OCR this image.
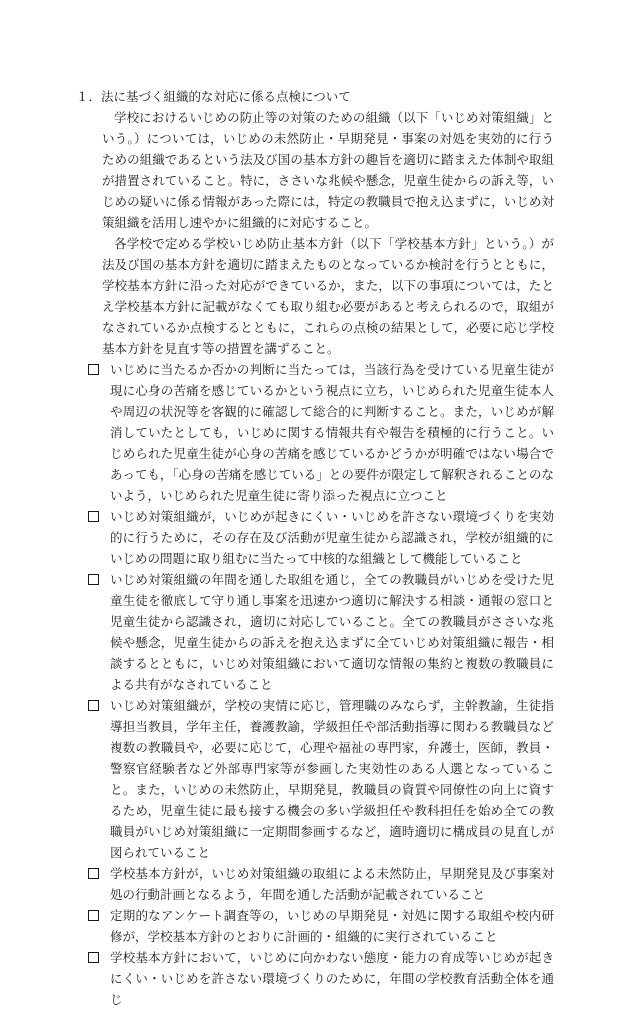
１．法に基づく組織的な対応に係る点検について

学校におけるいじめの防止等の対策のための組織（以下「いじめ対策組織」という。）については，いじめの未然防止・早期発見・事案の対処を実効的に行うための組織であるという法及び国の基本方針の趣旨を適切に踏まえた体制や取組が措置されていること。特に，ささいな兆候や懸念，児童生徒からの訴え等，いじめの疑いに係る情報があった際には，特定の教職員で抱え込まずに，いじめ対策組織を活用し速やかに組織的に対応すること。

各学校で定める学校いじめ防止基本方針（以下「学校基本方針」という。）が法及び国の基本方針を適切に踏まえたものとなっているか検討を行うとともに，学校基本方針に沿った対応ができているか，また，以下の事項については，たとえ学校基本方針に記載がなくても取り組む必要があると考えられるので，取組がなされているか点検するとともに，これらの点検の結果として，必要に応じ学校基本方針を見直す等の措置を講ずること。

いじめに当たるか否かの判断に当たっては，当該行為を受けている児童生徒が現に心身の苦痛を感じているかという視点に立ち，いじめられた児童生徒本人や周辺の状況等を客観的に確認して総合的に判断すること。また，いじめが解消していたとしても，いじめに関する情報共有や報告を積極的に行うこと。いじめられた児童生徒が心身の苦痛を感じているかどうかが明確ではない場合であっても，「心身の苦痛を感じている」との要件が限定して解釈されることのないよう，いじめられた児童生徒に寄り添った視点に立つこと
いじめ対策組織が，いじめが起きにくい・いじめを許さない環境づくりを実効的に行うために，その存在及び活動が児童生徒から認識され，学校が組織的にいじめの問題に取り組むに当たって中核的な組織として機能していること
いじめ対策組織の年間を通した取組を通じ，全ての教職員がいじめを受けた児童生徒を徹底して守り通し事案を迅速かつ適切に解決する相談・通報の窓口と児童生徒から認識され，適切に対応していること。全ての教職員がささいな兆候や懸念，児童生徒からの訴えを抱え込まずに全ていじめ対策組織に報告・相談するとともに，いじめ対策組織において適切な情報の集約と複数の教職員による共有がなされていること
いじめ対策組織が，学校の実情に応じ，管理職のみならず，主幹教諭，生徒指導担当教員，学年主任，養護教諭，学級担任や部活動指導に関わる教職員など複数の教職員や，必要に応じて，心理や福祉の専門家，弁護士，医師，教員・警察官経験者など外部専門家等が参画した実効性のある人選となっていること。また，いじめの未然防止，早期発見，教職員の資質や同僚性の向上に資するため，児童生徒に最も接する機会の多い学級担任や教科担任を始め全ての教職員がいじめ対策組織に一定期間参画するなど，適時適切に構成員の見直しが図られていること
学校基本方針が，いじめ対策組織の取組による未然防止，早期発見及び事案対処の行動計画となるよう，年間を通した活動が記載されていること
定期的なアンケート調査等の，いじめの早期発見・対処に関する取組や校内研修が，学校基本方針のとおりに計画的・組織的に実行されていること
学校基本方針において，いじめに向かわない態度・能力の育成等いじめが起きにくい・いじめを許さない環境づくりのために，年間の学校教育活動全体を通じ
